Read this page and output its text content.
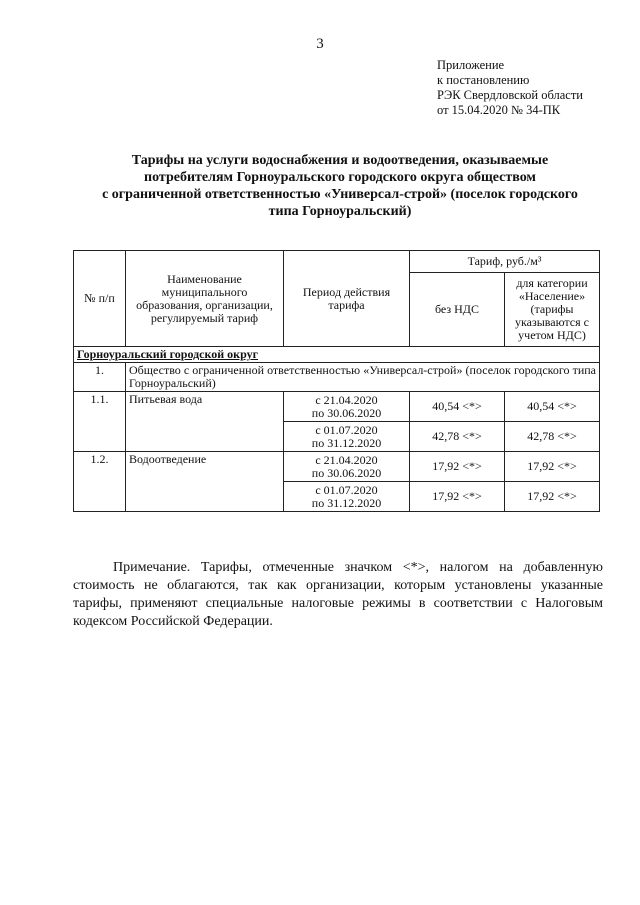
3
Приложение
к постановлению
РЭК Свердловской области
от 15.04.2020 № 34-ПК
Тарифы на услуги водоснабжения и водоотведения, оказываемые
потребителям Горноуральского городского округа обществом
с ограниченной ответственностью «Универсал-строй» (поселок городского
типа Горноуральский)
№ п/п	Наименование муниципального образования, организации, регулируемый тариф	Период действия тарифа	Тариф, руб./м³	
			без НДС	для категории «Население» (тарифы указываются с учетом НДС)
Горноуральский городской округ				
1.	Общество с ограниченной ответственностью «Универсал-строй» (поселок городского типа Горноуральский)			
1.1.	Питьевая вода	с 21.04.2020
по 30.06.2020	40,54 <*>	40,54 <*>

		с 01.07.2020
по 31.12.2020	42,78 <*>	42,78 <*>
1.2.	Водоотведение	с 21.04.2020
по 30.06.2020	17,92 <*>	17,92 <*>

		с 01.07.2020
по 31.12.2020	17,92 <*>	17,92 <*>

Примечание. Тарифы, отмеченные значком <*>, налогом на добавленную стоимость не облагаются, так как организации, которым установлены указанные тарифы, применяют специальные налоговые режимы в соответствии с Налоговым кодексом Российской Федерации.
